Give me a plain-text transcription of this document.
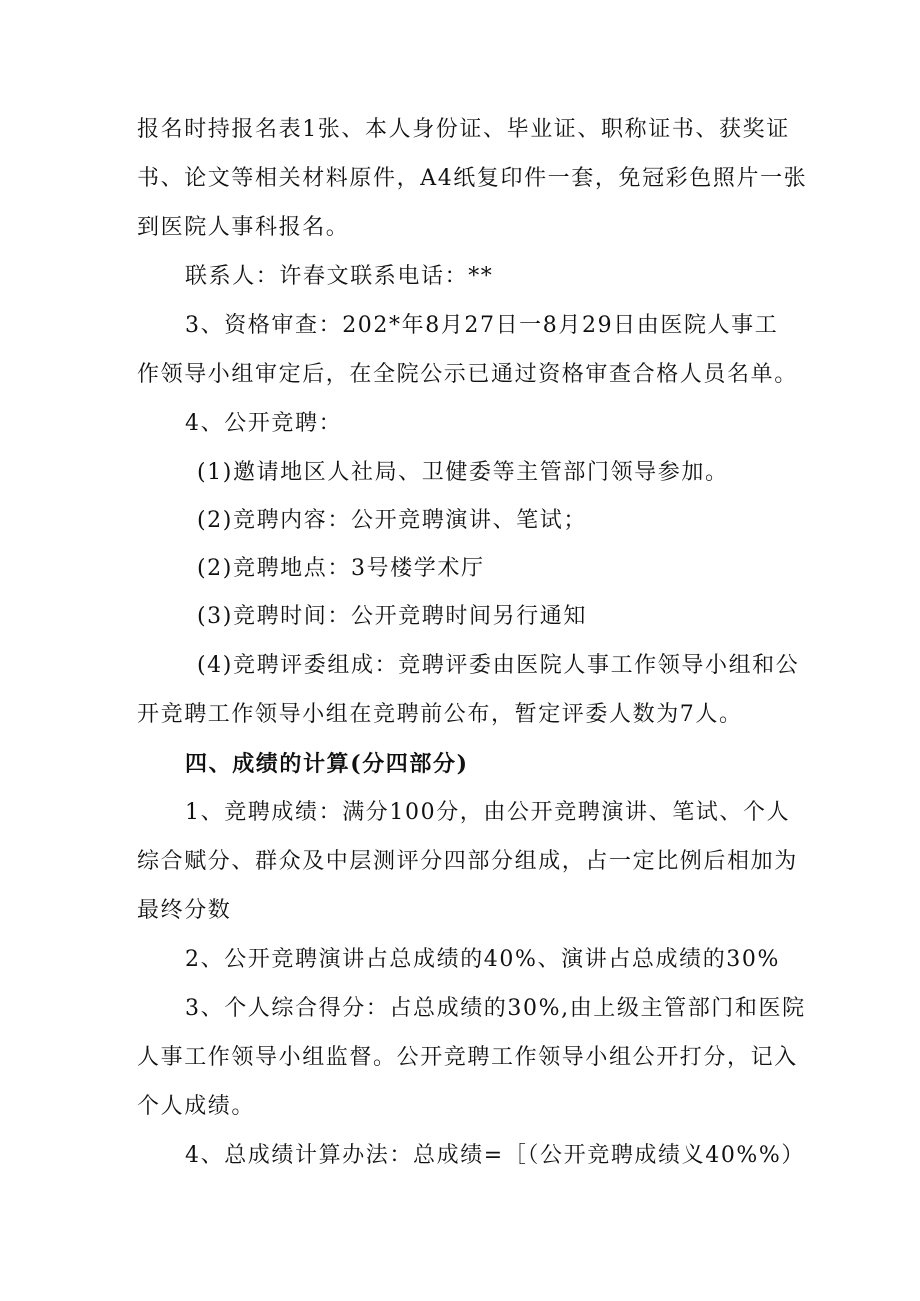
报名时持报名表1张、本人身份证、毕业证、职称证书、获奖证
书、论文等相关材料原件，A4纸复印件一套，免冠彩色照片一张
到医院人事科报名。
联系人：许春文联系电话：**
3、资格审查：202*年8月27日一8月29日由医院人事工
作领导小组审定后，在全院公示已通过资格审查合格人员名单。
4、公开竞聘：
(1)邀请地区人社局、卫健委等主管部门领导参加。
(2)竞聘内容：公开竞聘演讲、笔试；
(2)竞聘地点：3号楼学术厅
(3)竞聘时间：公开竞聘时间另行通知
(4)竞聘评委组成：竞聘评委由医院人事工作领导小组和公
开竞聘工作领导小组在竞聘前公布，暂定评委人数为7人。
四、成绩的计算(分四部分)
1、竞聘成绩：满分100分，由公开竞聘演讲、笔试、个人
综合赋分、群众及中层测评分四部分组成，占一定比例后相加为
最终分数
2、公开竞聘演讲占总成绩的40%、演讲占总成绩的30%
3、个人综合得分：占总成绩的30%,由上级主管部门和医院
人事工作领导小组监督。公开竞聘工作领导小组公开打分，记入
个人成绩。
4、总成绩计算办法：总成绩=［（公开竞聘成绩义40%%）
